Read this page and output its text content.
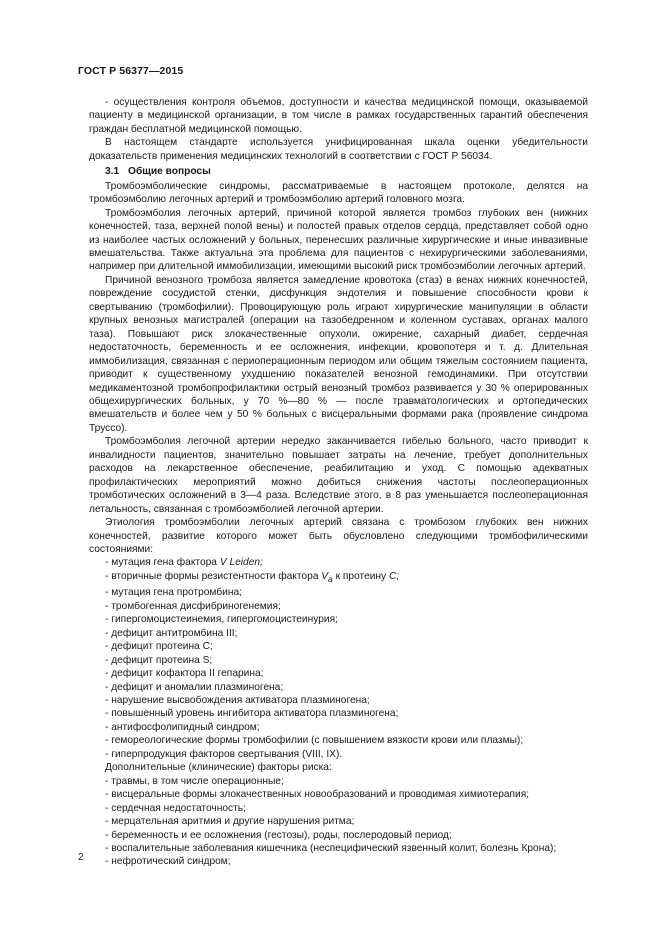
ГОСТ Р 56377—2015

- осуществления контроля объемов, доступности и качества медицинской помощи, оказываемой пациенту в медицинской организации, в том числе в рамках государственных гарантий обеспечения граждан бесплатной медицинской помощью.

В настоящем стандарте используется унифицированная шкала оценки убедительности доказательств применения медицинских технологий в соответствии с ГОСТ Р 56034.

3.1 Общие вопросы

Тромбоэмболические синдромы, рассматриваемые в настоящем протоколе, делятся на тромбоэмболию легочных артерий и тромбоэмболию артерий головного мозга.

Тромбоэмболия легочных артерий, причиной которой является тромбоз глубоких вен (нижних конечностей, таза, верхней полой вены) и полостей правых отделов сердца, представляет собой одно из наиболее частых осложнений у больных, перенесших различные хирургические и иные инвазивные вмешательства. Также актуальна эта проблема для пациентов с нехирургическими заболеваниями, например при длительной иммобилизации, имеющими высокий риск тромбоэмболии легочных артерий.

Причиной венозного тромбоза является замедление кровотока (стаз) в венах нижних конечностей, повреждение сосудистой стенки, дисфункция эндотелия и повышение способности крови к свертыванию (тромбофилии). Провоцирующую роль играют хирургические манипуляции в области крупных венозных магистралей (операции на тазобедренном и коленном суставах, органах малого таза). Повышают риск злокачественные опухоли, ожирение, сахарный диабет, сердечная недостаточность, беременность и ее осложнения, инфекции, кровопотеря и т. д. Длительная иммобилизация, связанная с периоперационным периодом или общим тяжелым состоянием пациента, приводит к существенному ухудшению показателей венозной гемодинамики. При отсутствии медикаментозной тромбопрофилактики острый венозный тромбоз развивается у 30 % оперированных общехирургических больных, у 70 %—80 % — после травматологических и ортопедических вмешательств и более чем у 50 % больных с висцеральными формами рака (проявление синдрома Труссо).

Тромбоэмболия легочной артерии нередко заканчивается гибелью больного, часто приводит к инвалидности пациентов, значительно повышает затраты на лечение, требует дополнительных расходов на лекарственное обеспечение, реабилитацию и уход. С помощью адекватных профилактических мероприятий можно добиться снижения частоты послеоперационных тромботических осложнений в 3—4 раза. Вследствие этого, в 8 раз уменьшается послеоперационная летальность, связанная с тромбоэмболией легочной артерии.

Этиология тромбоэмболии легочных артерий связана с тромбозом глубоких вен нижних конечностей, развитие которого может быть обусловлено следующими тромбофилическими состояниями:

- мутация гена фактора V Leiden;
- вторичные формы резистентности фактора $V_a$ к протеину C;
- мутация гена протромбина;
- тромбогенная дисфибриногенемия;
- гипергомоцистеинемия, гипергомоцистеинурия;
- дефицит антитромбина III;
- дефицит протеина С;
- дефицит протеина S;
- дефицит кофактора II гепарина;
- дефицит и аномалии плазминогена;
- нарушение высвобождения активатора плазминогена;
- повышенный уровень ингибитора активатора плазминогена;
- антифосфолипидный синдром;
- гемореологические формы тромбофилии (с повышением вязкости крови или плазмы);
- гиперпродукция факторов свертывания (VIII, IX).

Дополнительные (клинические) факторы риска:

- травмы, в том числе операционные;
- висцеральные формы злокачественных новообразований и проводимая химиотерапия;
- сердечная недостаточность;
- мерцательная аритмия и другие нарушения ритма;
- беременность и ее осложнения (гестозы), роды, послеродовый период;
- воспалительные заболевания кишечника (неспецифический язвенный колит, болезнь Крона);
- нефротический синдром;
2
